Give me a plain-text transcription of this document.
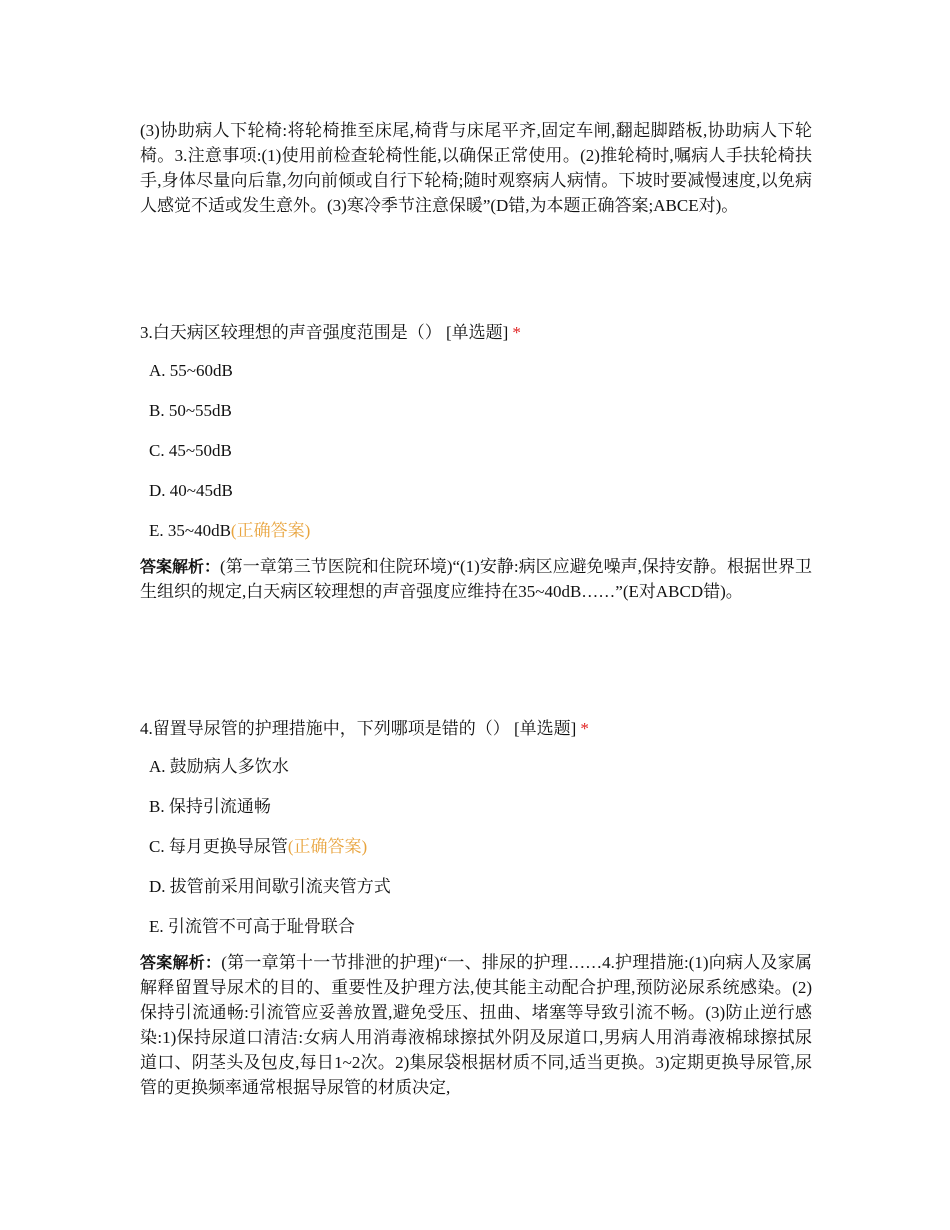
(3)协助病人下轮椅:将轮椅推至床尾,椅背与床尾平齐,固定车闸,翻起脚踏板,协助病人下轮椅。3.注意事项:(1)使用前检查轮椅性能,以确保正常使用。(2)推轮椅时,嘱病人手扶轮椅扶手,身体尽量向后靠,勿向前倾或自行下轮椅;随时观察病人病情。下坡时要减慢速度,以免病人感觉不适或发生意外。(3)寒冷季节注意保暖”(D错,为本题正确答案;ABCE对)。

3.白天病区较理想的声音强度范围是（） [单选题] *

A. 55~60dB
B. 50~55dB
C. 45~50dB
D. 40~45dB
E. 35~40dB(正确答案)

答案解析：(第一章第三节医院和住院环境)“(1)安静:病区应避免噪声,保持安静。根据世界卫生组织的规定,白天病区较理想的声音强度应维持在35~40dB……”(E对ABCD错)。

4.留置导尿管的护理措施中，下列哪项是错的（） [单选题] *

A. 鼓励病人多饮水
B. 保持引流通畅
C. 每月更换导尿管(正确答案)
D. 拔管前采用间歇引流夹管方式
E. 引流管不可高于耻骨联合

答案解析：(第一章第十一节排泄的护理)“一、排尿的护理……4.护理措施:(1)向病人及家属解释留置导尿术的目的、重要性及护理方法,使其能主动配合护理,预防泌尿系统感染。(2)保持引流通畅:引流管应妥善放置,避免受压、扭曲、堵塞等导致引流不畅。(3)防止逆行感染:1)保持尿道口清洁:女病人用消毒液棉球擦拭外阴及尿道口,男病人用消毒液棉球擦拭尿道口、阴茎头及包皮,每日1~2次。2)集尿袋根据材质不同,适当更换。3)定期更换导尿管,尿管的更换频率通常根据导尿管的材质决定,
